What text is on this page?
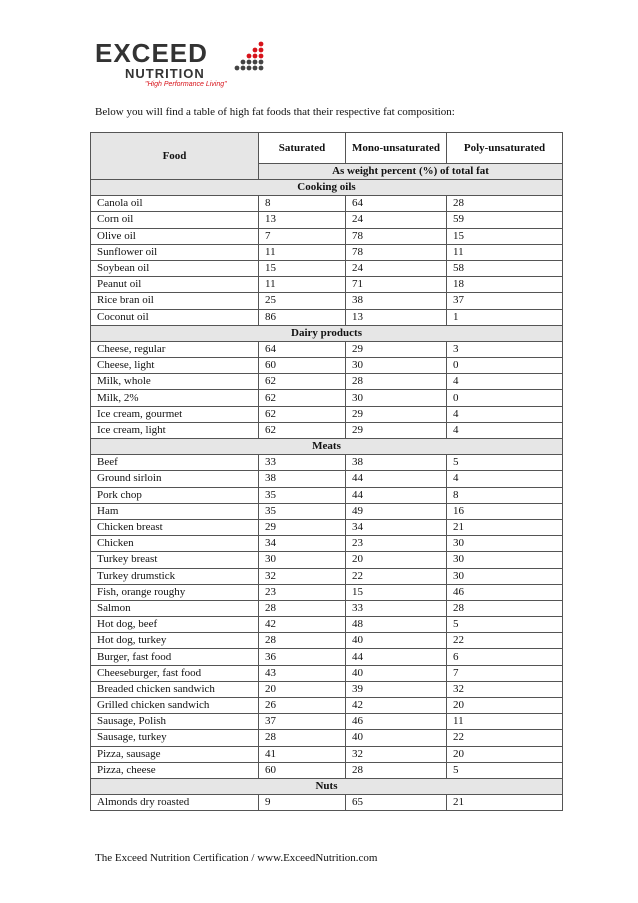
EXCEED
NUTRITION
"High Performance Living"
Below you will find a table of high fat foods that their respective fat composition:
Food	Saturated	Mono-unsaturated	Poly-unsaturated
	As weight percent (%) of total fat		
Cooking oils			
Canola oil	8	64	28
Corn oil	13	24	59
Olive oil	7	78	15
Sunflower oil	11	78	11
Soybean oil	15	24	58
Peanut oil	11	71	18
Rice bran oil	25	38	37
Coconut oil	86	13	1
Dairy products			
Cheese, regular	64	29	3
Cheese, light	60	30	0
Milk, whole	62	28	4
Milk, 2%	62	30	0
Ice cream, gourmet	62	29	4
Ice cream, light	62	29	4
Meats			
Beef	33	38	5
Ground sirloin	38	44	4
Pork chop	35	44	8
Ham	35	49	16
Chicken breast	29	34	21
Chicken	34	23	30
Turkey breast	30	20	30
Turkey drumstick	32	22	30
Fish, orange roughy	23	15	46
Salmon	28	33	28
Hot dog, beef	42	48	5
Hot dog, turkey	28	40	22
Burger, fast food	36	44	6
Cheeseburger, fast food	43	40	7
Breaded chicken sandwich	20	39	32
Grilled chicken sandwich	26	42	20
Sausage, Polish	37	46	11
Sausage, turkey	28	40	22
Pizza, sausage	41	32	20
Pizza, cheese	60	28	5
Nuts			
Almonds dry roasted	9	65	21
The Exceed Nutrition Certification / www.ExceedNutrition.com
